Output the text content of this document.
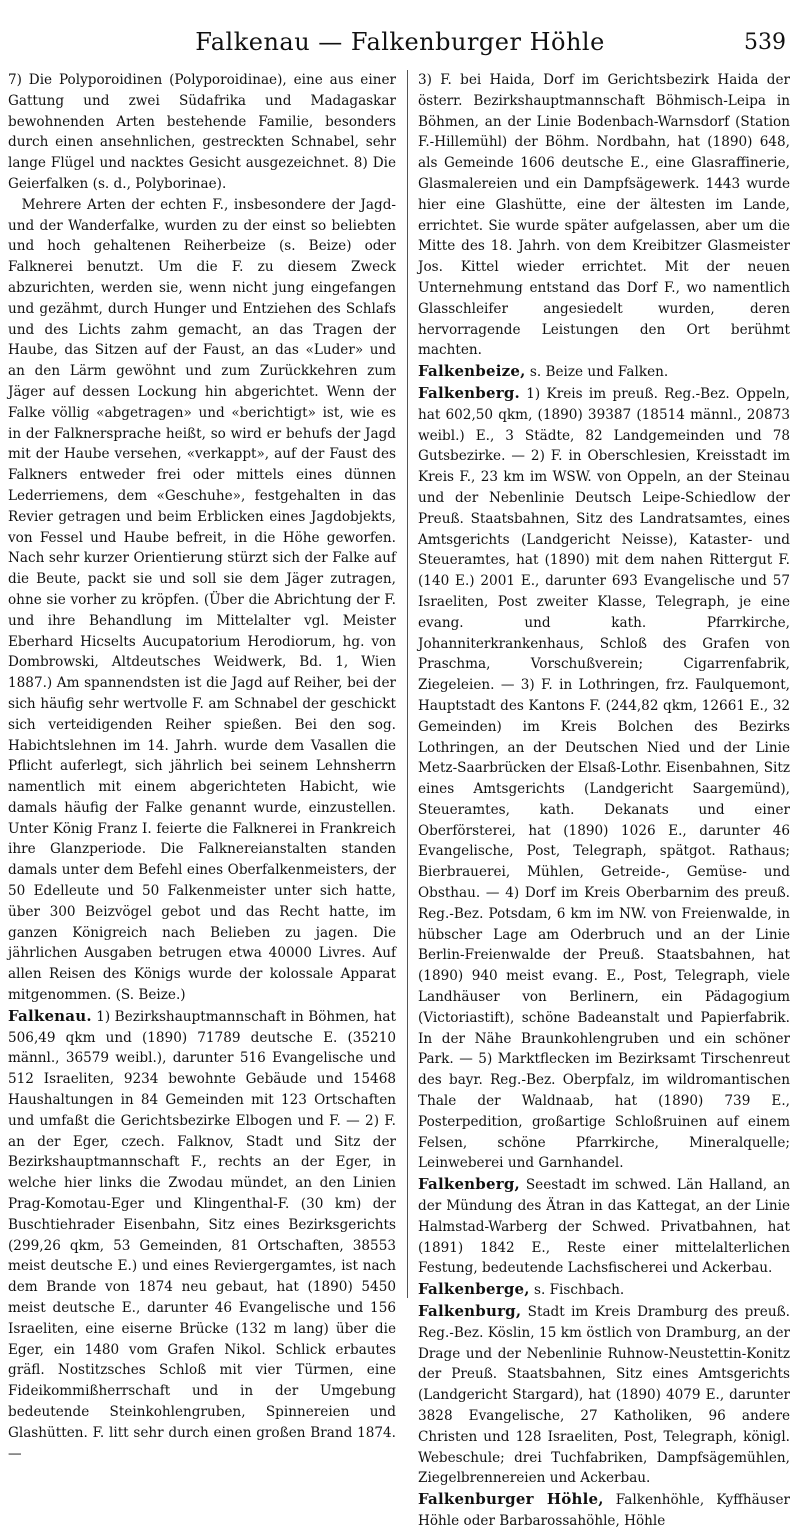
Falkenau — Falkenburger Höhle	539

7) Die Polyporoidinen (Polyporoidinae), eine aus einer Gattung und zwei Südafrika und Madagaskar bewohnenden Arten bestehende Familie, besonders durch einen ansehnlichen, gestreckten Schnabel, sehr lange Flügel und nacktes Gesicht ausgezeichnet. 8) Die Geierfalken (s. d., Polyborinae).

Mehrere Arten der echten F., insbesondere der Jagd- und der Wanderfalke, wurden zu der einst so beliebten und hoch gehaltenen Reiherbeize (s. Beize) oder Falknerei benutzt. Um die F. zu diesem Zweck abzurichten, werden sie, wenn nicht jung eingefangen und gezähmt, durch Hunger und Entziehen des Schlafs und des Lichts zahm gemacht, an das Tragen der Haube, das Sitzen auf der Faust, an das «Luder» und an den Lärm gewöhnt und zum Zurückkehren zum Jäger auf dessen Lockung hin abgerichtet. Wenn der Falke völlig «abgetragen» und «berichtigt» ist, wie es in der Falknersprache heißt, so wird er behufs der Jagd mit der Haube versehen, «verkappt», auf der Faust des Falkners entweder frei oder mittels eines dünnen Lederriemens, dem «Geschuhe», festgehalten in das Revier getragen und beim Erblicken eines Jagdobjekts, von Fessel und Haube befreit, in die Höhe geworfen. Nach sehr kurzer Orientierung stürzt sich der Falke auf die Beute, packt sie und soll sie dem Jäger zutragen, ohne sie vorher zu kröpfen. (Über die Abrichtung der F. und ihre Behandlung im Mittelalter vgl. Meister Eberhard Hicselts Aucupatorium Herodiorum, hg. von Dombrowski, Altdeutsches Weidwerk, Bd. 1, Wien 1887.) Am spannendsten ist die Jagd auf Reiher, bei der sich häufig sehr wertvolle F. am Schnabel der geschickt sich verteidigenden Reiher spießen. Bei den sog. Habichtslehnen im 14. Jahrh. wurde dem Vasallen die Pflicht auferlegt, sich jährlich bei seinem Lehnsherrn namentlich mit einem abgerichteten Habicht, wie damals häufig der Falke genannt wurde, einzustellen. Unter König Franz I. feierte die Falknerei in Frankreich ihre Glanzperiode. Die Falknereianstalten standen damals unter dem Befehl eines Oberfalkenmeisters, der 50 Edelleute und 50 Falkenmeister unter sich hatte, über 300 Beizvögel gebot und das Recht hatte, im ganzen Königreich nach Belieben zu jagen. Die jährlichen Ausgaben betrugen etwa 40000 Livres. Auf allen Reisen des Königs wurde der kolossale Apparat mitgenommen. (S. Beize.)

Falkenau. 1) Bezirkshauptmannschaft in Böhmen, hat 506,49 qkm und (1890) 71789 deutsche E. (35210 männl., 36579 weibl.), darunter 516 Evangelische und 512 Israeliten, 9234 bewohnte Gebäude und 15468 Haushaltungen in 84 Gemeinden mit 123 Ortschaften und umfaßt die Gerichtsbezirke Elbogen und F. — 2) F. an der Eger, czech. Falknov, Stadt und Sitz der Bezirkshauptmannschaft F., rechts an der Eger, in welche hier links die Zwodau mündet, an den Linien Prag-Komotau-Eger und Klingenthal-F. (30 km) der Buschtiehrader Eisenbahn, Sitz eines Bezirksgerichts (299,26 qkm, 53 Gemeinden, 81 Ortschaften, 38553 meist deutsche E.) und eines Reviergergamtes, ist nach dem Brande von 1874 neu gebaut, hat (1890) 5450 meist deutsche E., darunter 46 Evangelische und 156 Israeliten, eine eiserne Brücke (132 m lang) über die Eger, ein 1480 vom Grafen Nikol. Schlick erbautes gräfl. Nostitzsches Schloß mit vier Türmen, eine Fideikommißherrschaft und in der Umgebung bedeutende Steinkohlengruben, Spinnereien und Glashütten. F. litt sehr durch einen großen Brand 1874. —

3) F. bei Haida, Dorf im Gerichtsbezirk Haida der österr. Bezirkshauptmannschaft Böhmisch-Leipa in Böhmen, an der Linie Bodenbach-Warnsdorf (Station F.-Hillemühl) der Böhm. Nordbahn, hat (1890) 648, als Gemeinde 1606 deutsche E., eine Glasraffinerie, Glasmalereien und ein Dampfsägewerk. 1443 wurde hier eine Glashütte, eine der ältesten im Lande, errichtet. Sie wurde später aufgelassen, aber um die Mitte des 18. Jahrh. von dem Kreibitzer Glasmeister Jos. Kittel wieder errichtet. Mit der neuen Unternehmung entstand das Dorf F., wo namentlich Glasschleifer angesiedelt wurden, deren hervorragende Leistungen den Ort berühmt machten.

Falkenbeize, s. Beize und Falken.

Falkenberg. 1) Kreis im preuß. Reg.-Bez. Oppeln, hat 602,50 qkm, (1890) 39387 (18514 männl., 20873 weibl.) E., 3 Städte, 82 Landgemeinden und 78 Gutsbezirke. — 2) F. in Oberschlesien, Kreisstadt im Kreis F., 23 km im WSW. von Oppeln, an der Steinau und der Nebenlinie Deutsch Leipe-Schiedlow der Preuß. Staatsbahnen, Sitz des Landratsamtes, eines Amtsgerichts (Landgericht Neisse), Kataster- und Steueramtes, hat (1890) mit dem nahen Rittergut F. (140 E.) 2001 E., darunter 693 Evangelische und 57 Israeliten, Post zweiter Klasse, Telegraph, je eine evang. und kath. Pfarrkirche, Johanniterkrankenhaus, Schloß des Grafen von Praschma, Vorschußverein; Cigarrenfabrik, Ziegeleien. — 3) F. in Lothringen, frz. Faulquemont, Hauptstadt des Kantons F. (244,82 qkm, 12661 E., 32 Gemeinden) im Kreis Bolchen des Bezirks Lothringen, an der Deutschen Nied und der Linie Metz-Saarbrücken der Elsaß-Lothr. Eisenbahnen, Sitz eines Amtsgerichts (Landgericht Saargemünd), Steueramtes, kath. Dekanats und einer Oberförsterei, hat (1890) 1026 E., darunter 46 Evangelische, Post, Telegraph, spätgot. Rathaus; Bierbrauerei, Mühlen, Getreide-, Gemüse- und Obsthau. — 4) Dorf im Kreis Oberbarnim des preuß. Reg.-Bez. Potsdam, 6 km im NW. von Freienwalde, in hübscher Lage am Oderbruch und an der Linie Berlin-Freienwalde der Preuß. Staatsbahnen, hat (1890) 940 meist evang. E., Post, Telegraph, viele Landhäuser von Berlinern, ein Pädagogium (Victoriastift), schöne Badeanstalt und Papierfabrik. In der Nähe Braunkohlengruben und ein schöner Park. — 5) Marktflecken im Bezirksamt Tirschenreut des bayr. Reg.-Bez. Oberpfalz, im wildromantischen Thale der Waldnaab, hat (1890) 739 E., Posterpedition, großartige Schloßruinen auf einem Felsen, schöne Pfarrkirche, Mineralquelle; Leinweberei und Garnhandel.

Falkenberg, Seestadt im schwed. Län Halland, an der Mündung des Ätran in das Kattegat, an der Linie Halmstad-Warberg der Schwed. Privatbahnen, hat (1891) 1842 E., Reste einer mittelalterlichen Festung, bedeutende Lachsfischerei und Ackerbau.

Falkenberge, s. Fischbach.

Falkenburg, Stadt im Kreis Dramburg des preuß. Reg.-Bez. Köslin, 15 km östlich von Dramburg, an der Drage und der Nebenlinie Ruhnow-Neustettin-Konitz der Preuß. Staatsbahnen, Sitz eines Amtsgerichts (Landgericht Stargard), hat (1890) 4079 E., darunter 3828 Evangelische, 27 Katholiken, 96 andere Christen und 128 Israeliten, Post, Telegraph, königl. Webeschule; drei Tuchfabriken, Dampfsägemühlen, Ziegelbrennereien und Ackerbau.

Falkenburger Höhle, Falkenhöhle, Kyffhäuser Höhle oder Barbarossahöhle, Höhle
